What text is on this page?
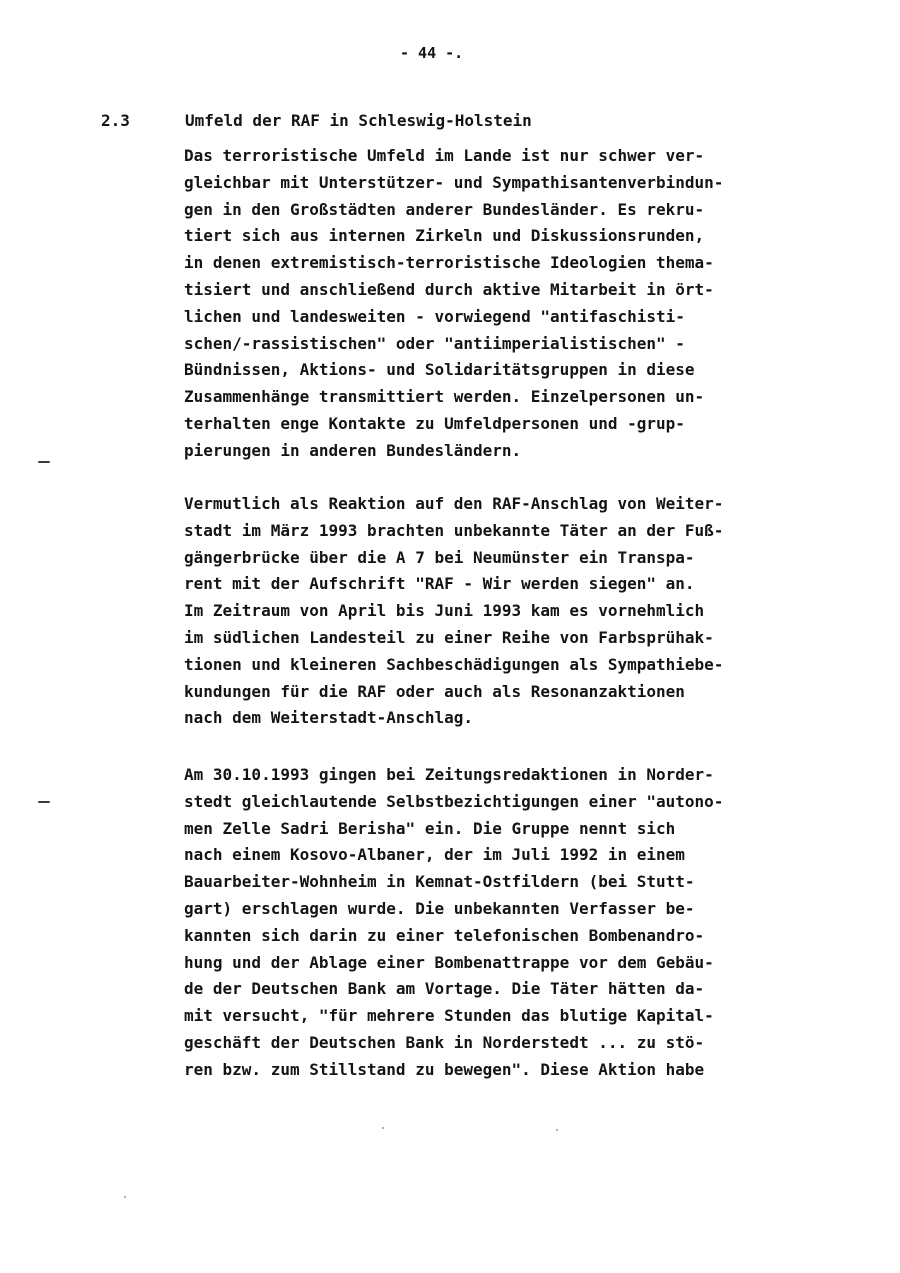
- 44 -.
2.3	Umfeld der RAF in Schleswig-Holstein
Das terroristische Umfeld im Lande ist nur schwer ver-
gleichbar mit Unterstützer- und Sympathisantenverbindun-
gen in den Großstädten anderer Bundesländer. Es rekru-
tiert sich aus internen Zirkeln und Diskussionsrunden,
in denen extremistisch-terroristische Ideologien thema-
tisiert und anschließend durch aktive Mitarbeit in ört-
lichen und landesweiten - vorwiegend "antifaschisti-
schen/-rassistischen" oder "antiimperialistischen" -
Bündnissen, Aktions- und Solidaritätsgruppen in diese
Zusammenhänge transmittiert werden. Einzelpersonen un-
terhalten enge Kontakte zu Umfeldpersonen und -grup-
pierungen in anderen Bundesländern.
Vermutlich als Reaktion auf den RAF-Anschlag von Weiter-
stadt im März 1993 brachten unbekannte Täter an der Fuß-
gängerbrücke über die A 7 bei Neumünster ein Transpa-
rent mit der Aufschrift "RAF - Wir werden siegen" an.
Im Zeitraum von April bis Juni 1993 kam es vornehmlich
im südlichen Landesteil zu einer Reihe von Farbsprühak-
tionen und kleineren Sachbeschädigungen als Sympathiebe-
kundungen für die RAF oder auch als Resonanzaktionen
nach dem Weiterstadt-Anschlag.
Am 30.10.1993 gingen bei Zeitungsredaktionen in Norder-
stedt gleichlautende Selbstbezichtigungen einer "autono-
men Zelle Sadri Berisha" ein. Die Gruppe nennt sich
nach einem Kosovo-Albaner, der im Juli 1992 in einem
Bauarbeiter-Wohnheim in Kemnat-Ostfildern (bei Stutt-
gart) erschlagen wurde. Die unbekannten Verfasser be-
kannten sich darin zu einer telefonischen Bombenandro-
hung und der Ablage einer Bombenattrappe vor dem Gebäu-
de der Deutschen Bank am Vortage. Die Täter hätten da-
mit versucht, "für mehrere Stunden das blutige Kapital-
geschäft der Deutschen Bank in Norderstedt ... zu stö-
ren bzw. zum Stillstand zu bewegen". Diese Aktion habe
